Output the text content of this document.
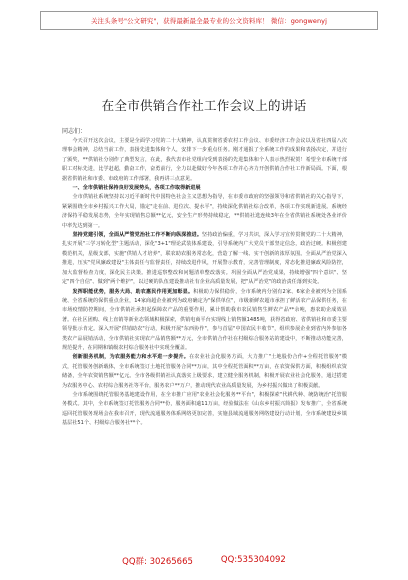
关注头条号"公文研究"，获得最新最全最专业的公文资料库！ 微信：gongwenyj
在全市供销合作社工作会议上的讲话
同志们：

今天召开这次会议，主要是全面学习党的二十大精神，认真贯彻省委农村工作会议、市委经济工作会议以及省社四届八次理事会精神，总结当前工作，表扬先进集体和个人，安排下一步重点任务。刚才通报了全系统工作的成果和表扬决定，并进行了颁奖，**供销社分别作了典型发言，在此，我代表市社党组向受到表扬的先进集体和个人表示热烈祝贺！希望全市系统干部职工对标先进，比学赶超，勤奋工作，奋勇前行，全力以赴做好今年各项工作并心齐力开创供销合作社工作新局面。下面，根据省供销社和市委、市政府的工作部署，我再讲三点意见。

一、全市供销社保持良好发展势头，各项工作取得新进展

全市供销社系统坚持以习近平新时代中国特色社会主义思想为指导，在市委市政府的坚强领导和省供销社的关心指导下，紧紧围绕全市乡村振兴工作大局，锚定"走在前、进位次、提水平"，持续深化供销社综合改革，各项工作实现新进展。系统经济保持平稳发展态势，全年实现销售总额**亿元，安全生产形势持续稳定，**供销社选连续3年在全省供销社系统处各业评价中率先达到第一。

坚持党建引领，全面从严管党治社工作不断向纵深推进。坚持政治偏重，学习共识，深入学习宣传贯彻党的二十大精神，扎实开展"三学习转化型"主题活动，深化"3+1"理论武装体系建设，引导系统内广大党员干部坚定信念，政治过硬。积极创建模范机关，星级支部，实施"供销人才培养"，联农助农服务常态化，营造了解一线、实干创新的浓厚氛围。全面从严治党深入推进，压实"党风廉政建设"主体责任与监督责任，持续改进作风，开展警示教育，完善管理制度，常态化推进廉政风险防控，加大监督检查力度，深化民主决策。推进巡察整改和问题清单整改落实。巩固全面从严治党成果，持续增强"四个意识"、坚定"四个自信"、做到"两个维护"，以过硬的队伍建设推动社有企业高质量发展，把"从严治党"的政治责任落到实处。

发挥职能优势，服务大局、助农惠民作用更加彰显。积极助力保供稳价，全市系统内分别有2家、6家企业被列为全国系统、全省系统的保供重点企业，14家商超企业被列为政府确定为"保供单位"，市级新鲜农超市承担了鲜活农产品保供任务，在市场疫情防控期间，全市供销社承担起保障农产品的重要作用，累计帮助我市农民销售生鲜农产品**余吨，惠农助企成效显著。在社区团购、线上直销等新业态领域积极探索，供销电商平台实现线上销售额1485吨，获得省政府、省供销社和市委主要领导批示肯定。深入开展"供销助农"行动，积极开展"东西协作"，参与首届"中国农民丰收节"，组织参展企业到省内外参加各类农产品展销活动，全市供销社实现农产品销售额**万元，全市供销合作社在村级综合服务站的建设中，不断推动功能完善，规范提升，在同期和镇级农村综合服务社中实现全覆盖。

创新服务机制，为农服务能力和水平进一步提升。在农业社会化服务方面，大力推广"土地股份合作+全程托管服务"模式，托管服务创新载体，全市系统签订土地托管服务合同**万亩，其中全程托管面积**万亩，在农资保供方面，积极组织农资储备，全年农资销售额**亿元。全市各级供销社认真落实上级要求，建立健全服务机制，积极开展农业社会化服务，通过搭建为农服务中心、农村综合服务社等平台，服务农户**万户，推动现代农业高质量发展，为乡村振兴做出了积极贡献。

全市系统围绕托管服务基地建设作用，在全市推广应用"农业社会化服务**平台"，积极探索"代耕代种、统防统治"托管服务模式。其中，全市系统签订托管服务合同**份，服务面积逾11万亩，经验做法在《山东乡村振兴简报》发布推广，全省系统巡回托管服务现场会在我市召开，现代流通服务体系网络更加完善，实施县域流通服务网络建设行动计划，全市系统建设乡镇基层社51个、村级综合服务社**个。

QQ群: 30265665	QQ:535304092
